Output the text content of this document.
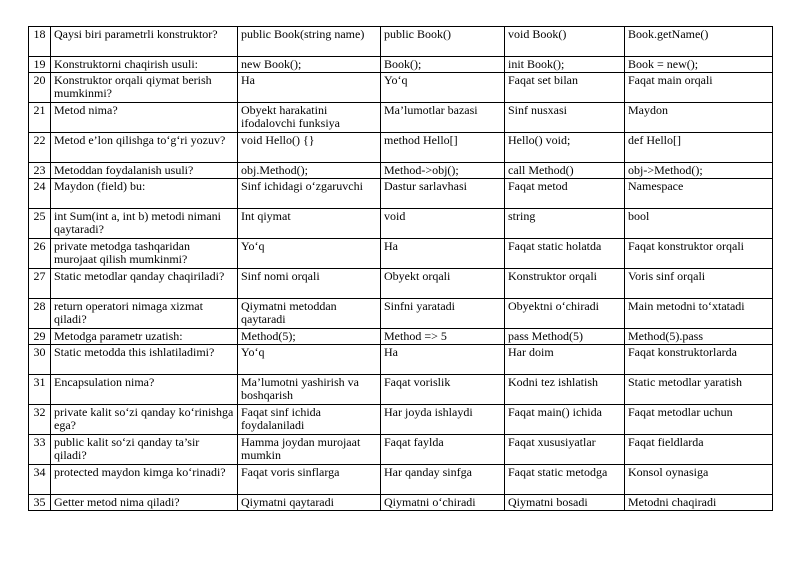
18	Qaysi biri parametrli konstruktor?	public Book(string name)	public Book()	void Book()	Book.getName()
19	Konstruktorni chaqirish usuli:	new Book();	Book();	init Book();	Book = new();
20	Konstruktor orqali qiymat berish mumkinmi?	Ha	Yo‘q	Faqat set bilan	Faqat main orqali
21	Metod nima?	Obyekt harakatini ifodalovchi funksiya	Ma’lumotlar bazasi	Sinf nusxasi	Maydon
22	Metod e’lon qilishga to‘g‘ri yozuv?	void Hello() {}	method Hello[]	Hello() void;	def Hello[]
23	Metoddan foydalanish usuli?	obj.Method();	Method->obj();	call Method()	obj->Method();
24	Maydon (field) bu:	Sinf ichidagi o‘zgaruvchi	Dastur sarlavhasi	Faqat metod	Namespace
25	int Sum(int a, int b) metodi nimani qaytaradi?	Int qiymat	void	string	bool
26	private metodga tashqaridan murojaat qilish mumkinmi?	Yo‘q	Ha	Faqat static holatda	Faqat konstruktor orqali
27	Static metodlar qanday chaqiriladi?	Sinf nomi orqali	Obyekt orqali	Konstruktor orqali	Voris sinf orqali
28	return operatori nimaga xizmat qiladi?	Qiymatni metoddan qaytaradi	Sinfni yaratadi	Obyektni o‘chiradi	Main metodni to‘xtatadi
29	Metodga parametr uzatish:	Method(5);	Method => 5	pass Method(5)	Method(5).pass
30	Static metodda this ishlatiladimi?	Yo‘q	Ha	Har doim	Faqat konstruktorlarda
31	Encapsulation nima?	Ma’lumotni yashirish va boshqarish	Faqat vorislik	Kodni tez ishlatish	Static metodlar yaratish
32	private kalit so‘zi qanday ko‘rinishga ega?	Faqat sinf ichida foydalaniladi	Har joyda ishlaydi	Faqat main() ichida	Faqat metodlar uchun
33	public kalit so‘zi qanday ta’sir qiladi?	Hamma joydan murojaat mumkin	Faqat faylda	Faqat xususiyatlar	Faqat fieldlarda
34	protected maydon kimga ko‘rinadi?	Faqat voris sinflarga	Har qanday sinfga	Faqat static metodga	Konsol oynasiga
35	Getter metod nima qiladi?	Qiymatni qaytaradi	Qiymatni o‘chiradi	Qiymatni bosadi	Metodni chaqiradi
